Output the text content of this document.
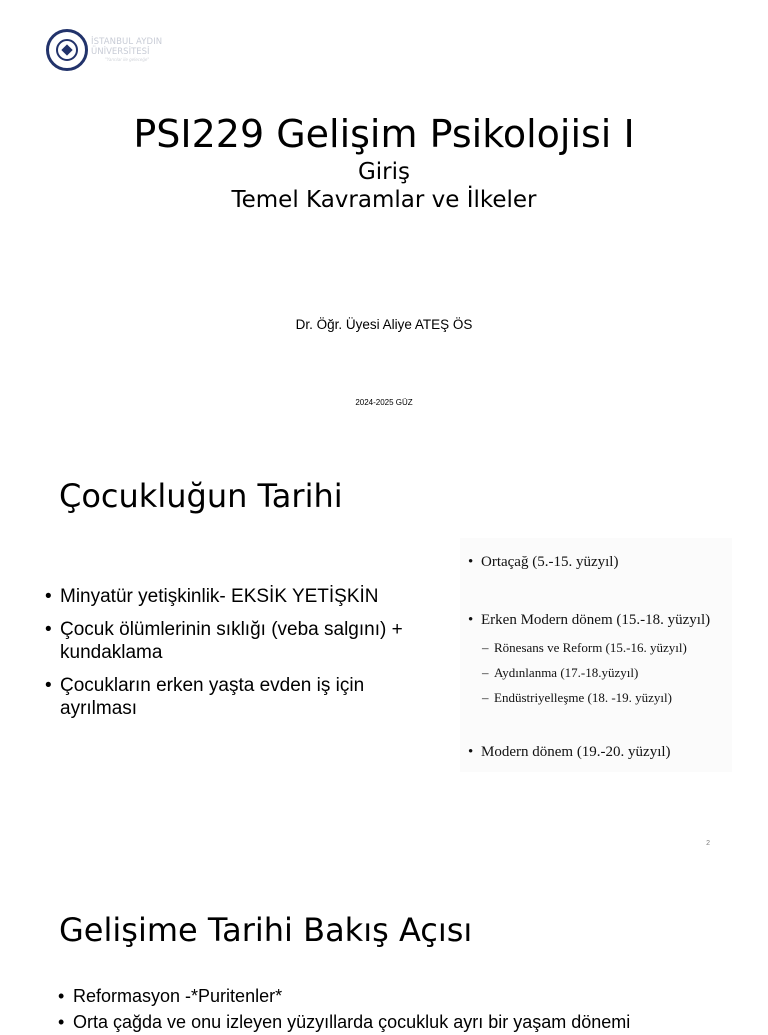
İSTANBUL AYDIN
ÜNİVERSİTESİ
"Yarınlar ile geleceğe"
PSI229 Gelişim Psikolojisi I
Giriş
Temel Kavramlar ve İlkeler
Dr. Öğr. Üyesi Aliye ATEŞ ÖS
2024-2025 GÜZ
Çocukluğun Tarihi
• Minyatür yetişkinlik- EKSİK YETİŞKİN
• Çocuk ölümlerinin sıklığı (veba salgını) + kundaklama
• Çocukların erken yaşta evden iş için ayrılması
• Ortaçağ (5.-15. yüzyıl)
• Erken Modern dönem (15.-18. yüzyıl)
– Rönesans ve Reform (15.-16. yüzyıl)
– Aydınlanma (17.-18.yüzyıl)
– Endüstriyelleşme (18. -19. yüzyıl)
• Modern dönem (19.-20. yüzyıl)
2
Gelişime Tarihi Bakış Açısı
• Reformasyon -*Puritenler*
• Orta çağda ve onu izleyen yüzyıllarda çocukluk ayrı bir yaşam dönemi
